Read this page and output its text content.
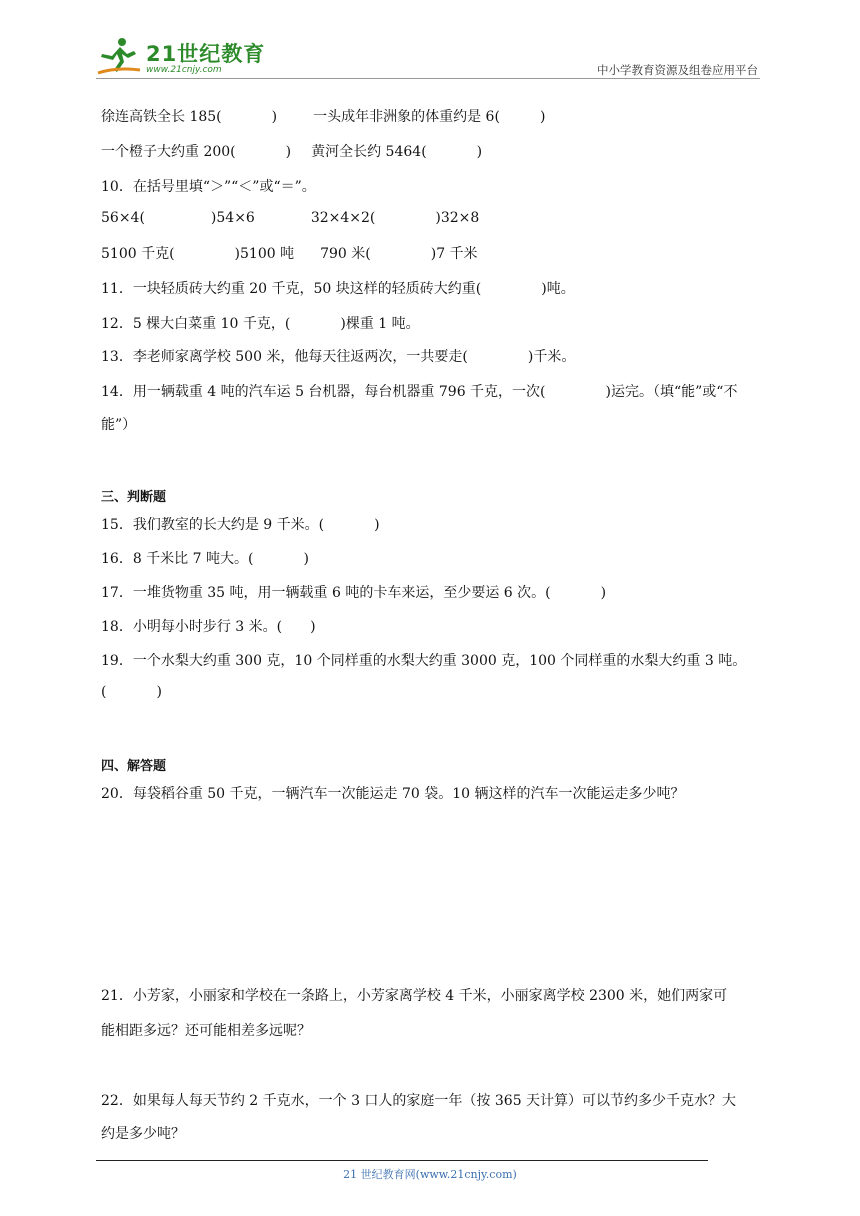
21世纪教育
www.21cnjy.com	中小学教育资源及组卷应用平台
徐连高铁全长 185(	)	一头成年非洲象的体重约是 6(	)
一个橙子大约重 200(	) 黄河全长约 5464(	)
10．在括号里填“＞”“＜”或“＝”。
56×4(	)54×6	32×4×2(	)32×8
5100 千克(	)5100 吨 790 米(	)7 千米
11．一块轻质砖大约重 20 千克，50 块这样的轻质砖大约重(	)吨。
12．5 棵大白菜重 10 千克，(	)棵重 1 吨。
13．李老师家离学校 500 米，他每天往返两次，一共要走(	)千米。
14．用一辆载重 4 吨的汽车运 5 台机器，每台机器重 796 千克，一次(	)运完。（填“能”或“不
能”）
三、判断题
15．我们教室的长大约是 9 千米。(	)
16．8 千米比 7 吨大。(	)
17．一堆货物重 35 吨，用一辆载重 6 吨的卡车来运，至少要运 6 次。(	)
18．小明每小时步行 3 米。( )
19．一个水梨大约重 300 克，10 个同样重的水梨大约重 3000 克，100 个同样重的水梨大约重 3 吨。
(	)
四、解答题
20．每袋稻谷重 50 千克，一辆汽车一次能运走 70 袋。10 辆这样的汽车一次能运走多少吨？
21．小芳家，小丽家和学校在一条路上，小芳家离学校 4 千米，小丽家离学校 2300 米，她们两家可
能相距多远？还可能相差多远呢？
22．如果每人每天节约 2 千克水，一个 3 口人的家庭一年（按 365 天计算）可以节约多少千克水？大
约是多少吨？
21 世纪教育网(www.21cnjy.com)
